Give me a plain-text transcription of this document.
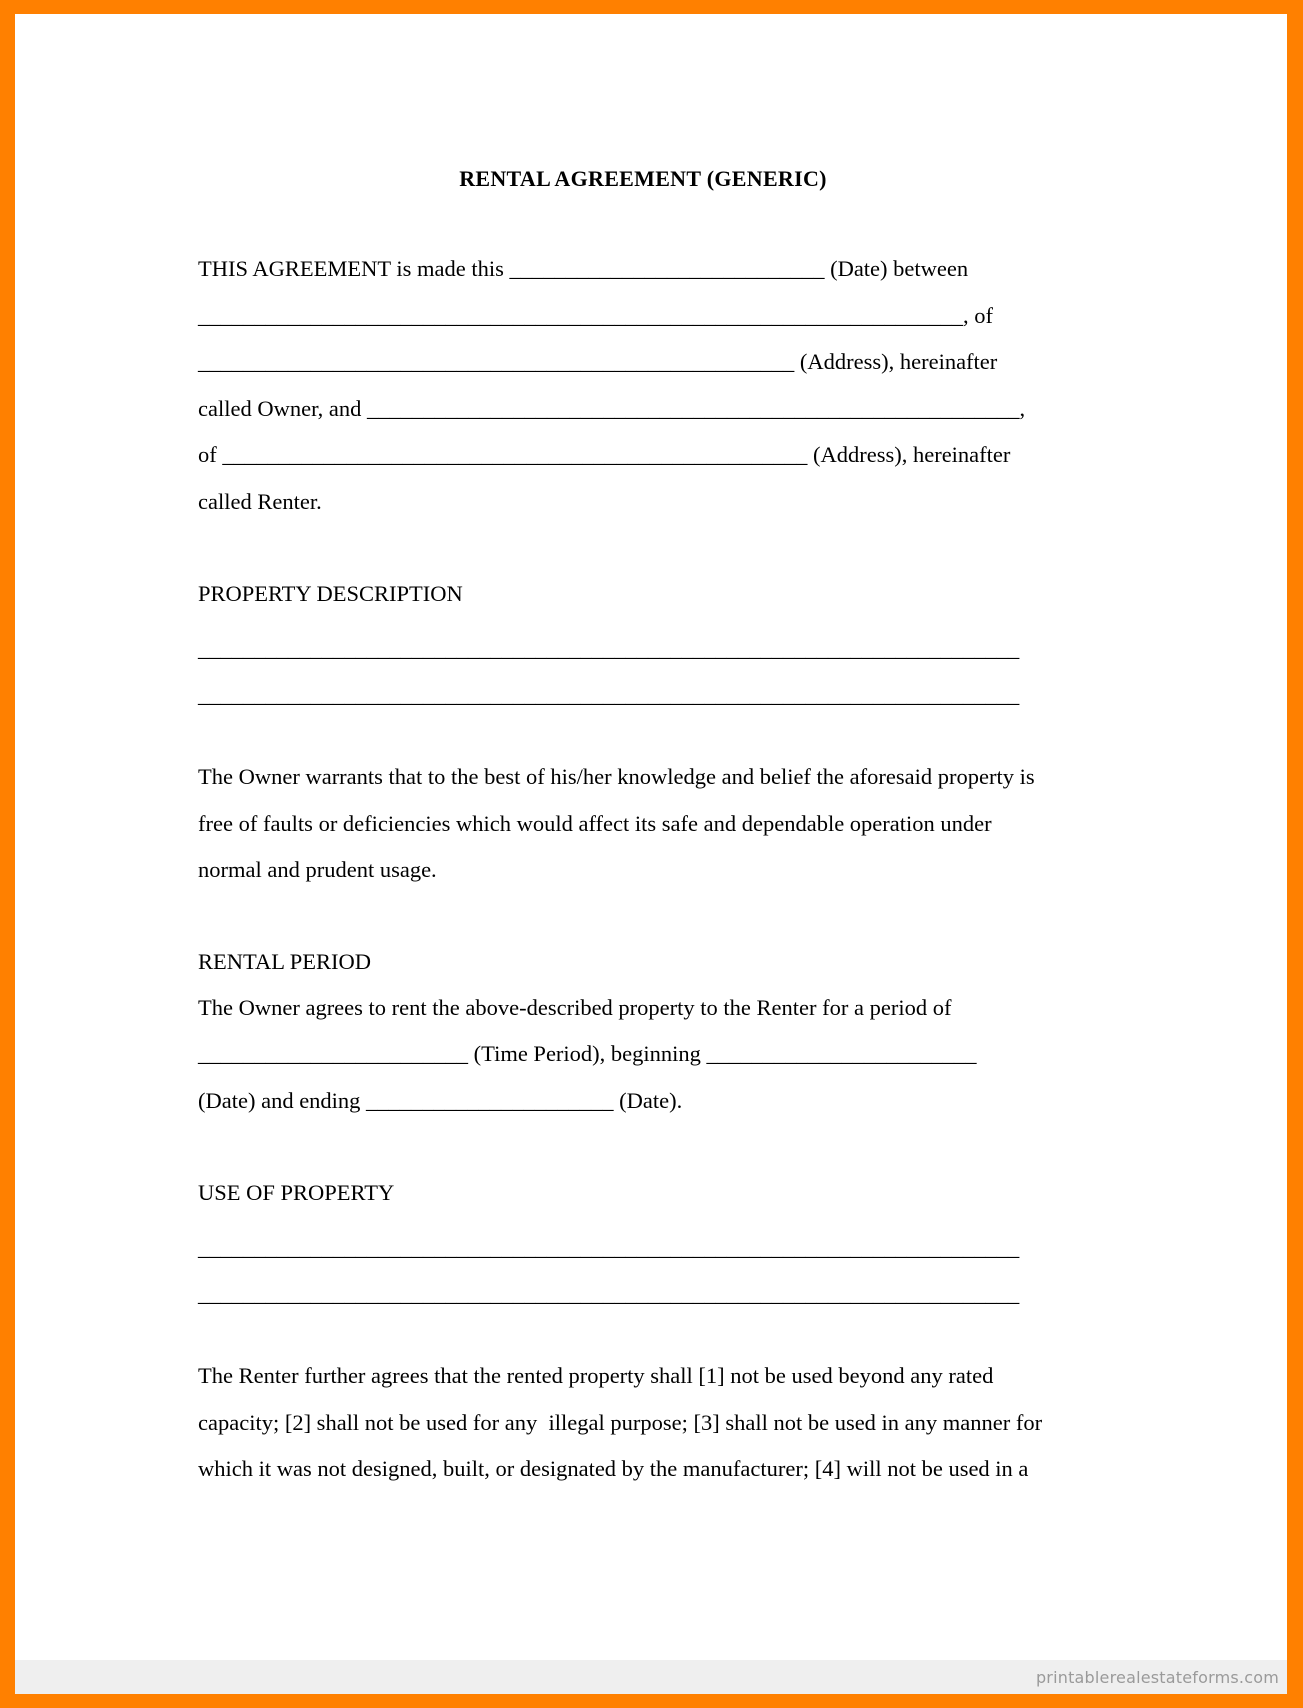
RENTAL AGREEMENT (GENERIC)

THIS AGREEMENT is made this ____________________________ (Date) between

____________________________________________________________________, of

_____________________________________________________ (Address), hereinafter

called Owner, and __________________________________________________________,

of ____________________________________________________ (Address), hereinafter

called Renter.

PROPERTY DESCRIPTION

_________________________________________________________________________

_________________________________________________________________________

The Owner warrants that to the best of his/her knowledge and belief the aforesaid property is

free of faults or deficiencies which would affect its safe and dependable operation under

normal and prudent usage.

RENTAL PERIOD

The Owner agrees to rent the above-described property to the Renter for a period of

________________________ (Time Period), beginning ________________________

(Date) and ending ______________________ (Date).

USE OF PROPERTY

_________________________________________________________________________

_________________________________________________________________________

The Renter further agrees that the rented property shall [1] not be used beyond any rated

capacity; [2] shall not be used for any  illegal purpose; [3] shall not be used in any manner for

which it was not designed, built, or designated by the manufacturer; [4] will not be used in a

printablerealestateforms.com
